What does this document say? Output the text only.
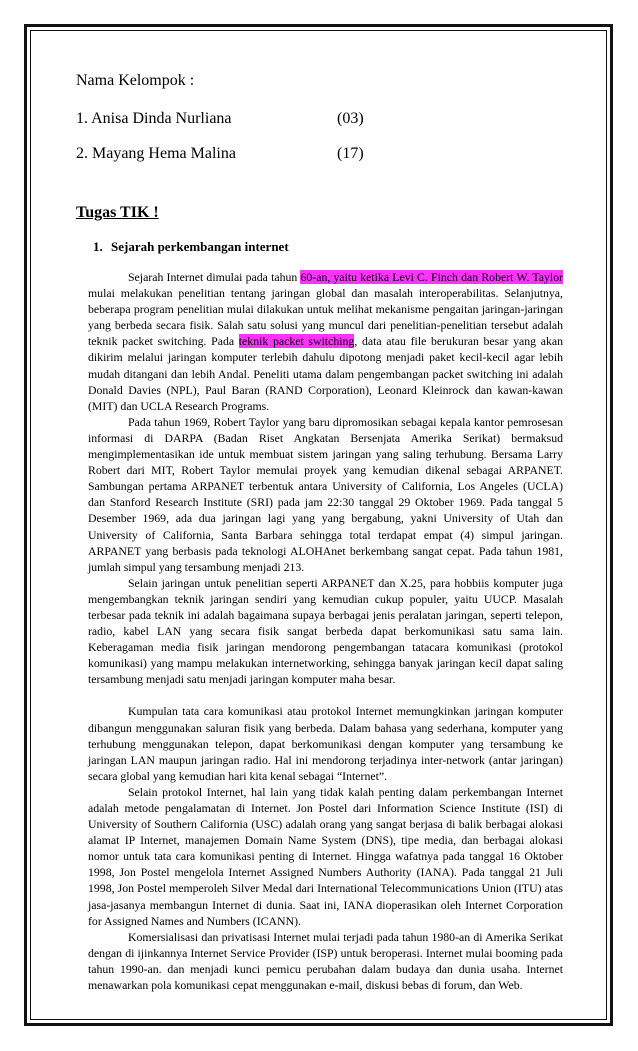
Nama Kelompok :
1. Anisa Dinda Nurliana	(03)
2. Mayang Hema Malina	(17)
Tugas TIK !
1. Sejarah perkembangan internet

Sejarah Internet dimulai pada tahun 60-an, yaitu ketika Levi C. Finch dan Robert W. Taylor mulai melakukan penelitian tentang jaringan global dan masalah interoperabilitas. Selanjutnya, beberapa program penelitian mulai dilakukan untuk melihat mekanisme pengaitan jaringan-jaringan yang berbeda secara fisik. Salah satu solusi yang muncul dari penelitian-penelitian tersebut adalah teknik packet switching. Pada teknik packet switching, data atau file berukuran besar yang akan dikirim melalui jaringan komputer terlebih dahulu dipotong menjadi paket kecil-kecil agar lebih mudah ditangani dan lebih Andal. Peneliti utama dalam pengembangan packet switching ini adalah Donald Davies (NPL), Paul Baran (RAND Corporation), Leonard Kleinrock dan kawan-kawan (MIT) dan UCLA Research Programs.

Pada tahun 1969, Robert Taylor yang baru dipromosikan sebagai kepala kantor pemrosesan informasi di DARPA (Badan Riset Angkatan Bersenjata Amerika Serikat) bermaksud mengimplementasikan ide untuk membuat sistem jaringan yang saling terhubung. Bersama Larry Robert dari MIT, Robert Taylor memulai proyek yang kemudian dikenal sebagai ARPANET. Sambungan pertama ARPANET terbentuk antara University of California, Los Angeles (UCLA) dan Stanford Research Institute (SRI) pada jam 22:30 tanggal 29 Oktober 1969. Pada tanggal 5 Desember 1969, ada dua jaringan lagi yang yang bergabung, yakni University of Utah dan University of California, Santa Barbara sehingga total terdapat empat (4) simpul jaringan. ARPANET yang berbasis pada teknologi ALOHAnet berkembang sangat cepat. Pada tahun 1981, jumlah simpul yang tersambung menjadi 213.

Selain jaringan untuk penelitian seperti ARPANET dan X.25, para hobbiis komputer juga mengembangkan teknik jaringan sendiri yang kemudian cukup populer, yaitu UUCP. Masalah terbesar pada teknik ini adalah bagaimana supaya berbagai jenis peralatan jaringan, seperti telepon, radio, kabel LAN yang secara fisik sangat berbeda dapat berkomunikasi satu sama lain. Keberagaman media fisik jaringan mendorong pengembangan tatacara komunikasi (protokol komunikasi) yang mampu melakukan internetworking, sehingga banyak jaringan kecil dapat saling tersambung menjadi satu menjadi jaringan komputer maha besar.

Kumpulan tata cara komunikasi atau protokol Internet memungkinkan jaringan komputer dibangun menggunakan saluran fisik yang berbeda. Dalam bahasa yang sederhana, komputer yang terhubung menggunakan telepon, dapat berkomunikasi dengan komputer yang tersambung ke jaringan LAN maupun jaringan radio. Hal ini mendorong terjadinya inter-network (antar jaringan) secara global yang kemudian hari kita kenal sebagai “Internet”.

Selain protokol Internet, hal lain yang tidak kalah penting dalam perkembangan Internet adalah metode pengalamatan di Internet. Jon Postel dari Information Science Institute (ISI) di University of Southern California (USC) adalah orang yang sangat berjasa di balik berbagai alokasi alamat IP Internet, manajemen Domain Name System (DNS), tipe media, dan berbagai alokasi nomor untuk tata cara komunikasi penting di Internet. Hingga wafatnya pada tanggal 16 Oktober 1998, Jon Postel mengelola Internet Assigned Numbers Authority (IANA). Pada tanggal 21 Juli 1998, Jon Postel memperoleh Silver Medal dari International Telecommunications Union (ITU) atas jasa-jasanya membangun Internet di dunia. Saat ini, IANA dioperasikan oleh Internet Corporation for Assigned Names and Numbers (ICANN).

Komersialisasi dan privatisasi Internet mulai terjadi pada tahun 1980-an di Amerika Serikat dengan di ijinkannya Internet Service Provider (ISP) untuk beroperasi. Internet mulai booming pada tahun 1990-an. dan menjadi kunci pemicu perubahan dalam budaya dan dunia usaha. Internet menawarkan pola komunikasi cepat menggunakan e-mail, diskusi bebas di forum, dan Web.
